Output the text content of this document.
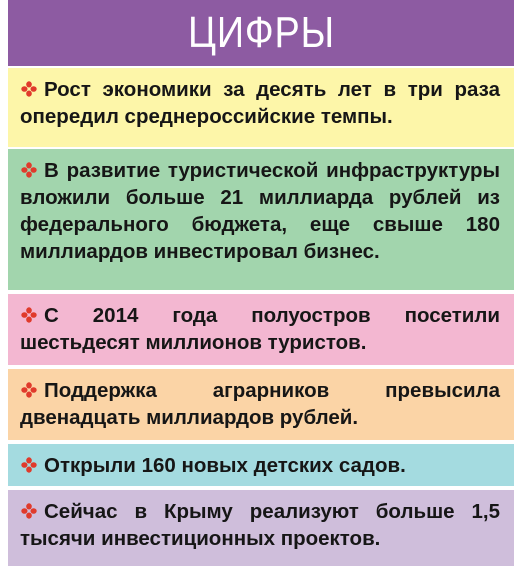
ЦИФРЫ
Рост экономики за десять лет в три раза опередил среднероссийские темпы.
В развитие туристической инфраструктуры вложили больше 21 миллиарда рублей из федерального бюджета, еще свыше 180 миллиардов инвестировал бизнес.
С 2014 года полуостров посетили шестьдесят миллионов туристов.
Поддержка аграрников превысила двенадцать миллиардов рублей.
Открыли 160 новых детских садов.
Сейчас в Крыму реализуют больше 1,5 тысячи инвестиционных проектов.
